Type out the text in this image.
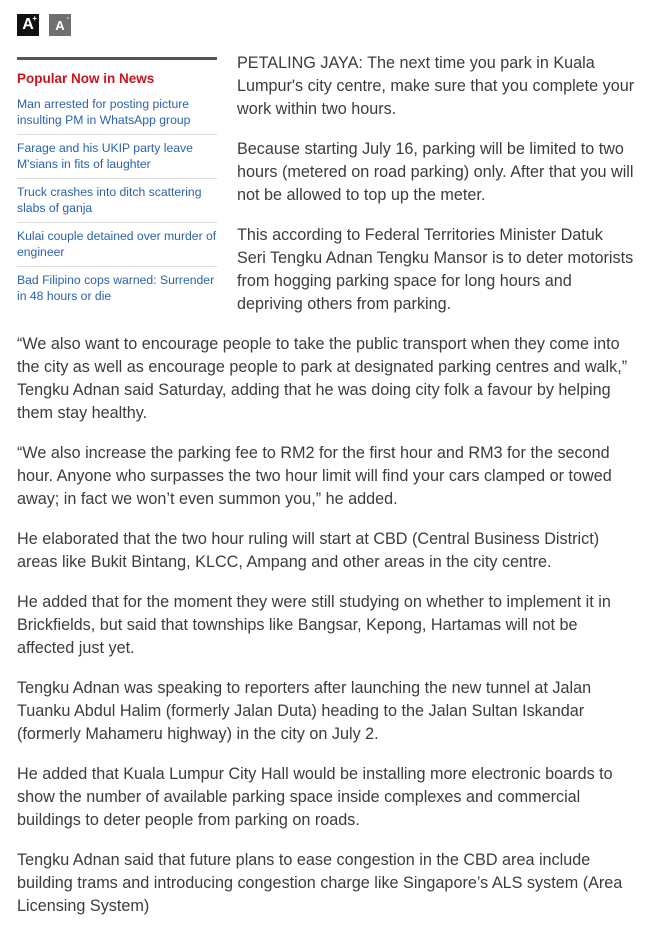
A
+ A -
Popular Now in News
Man arrested for posting picture insulting PM in WhatsApp group
Farage and his UKIP party leave M'sians in fits of laughter
Truck crashes into ditch scattering slabs of ganja
Kulai couple detained over murder of engineer
Bad Filipino cops warned: Surrender in 48 hours or die

PETALING JAYA: The next time you park in Kuala Lumpur's city centre, make sure that you complete your work within two hours.

Because starting July 16, parking will be limited to two hours (metered on road parking) only. After that you will not be allowed to top up the meter.

This according to Federal Territories Minister Datuk Seri Tengku Adnan Tengku Mansor is to deter motorists from hogging parking space for long hours and depriving others from parking.

“We also want to encourage people to take the public transport when they come into the city as well as encourage people to park at designated parking centres and walk,” Tengku Adnan said Saturday, adding that he was doing city folk a favour by helping them stay healthy.

“We also increase the parking fee to RM2 for the first hour and RM3 for the second hour. Anyone who surpasses the two hour limit will find your cars clamped or towed away; in fact we won’t even summon you,” he added.

He elaborated that the two hour ruling will start at CBD (Central Business District) areas like Bukit Bintang, KLCC, Ampang and other areas in the city centre.

He added that for the moment they were still studying on whether to implement it in Brickfields, but said that townships like Bangsar, Kepong, Hartamas will not be affected just yet.

Tengku Adnan was speaking to reporters after launching the new tunnel at Jalan Tuanku Abdul Halim (formerly Jalan Duta) heading to the Jalan Sultan Iskandar (formerly Mahameru highway) in the city on July 2.

He added that Kuala Lumpur City Hall would be installing more electronic boards to show the number of available parking space inside complexes and commercial buildings to deter people from parking on roads.

Tengku Adnan said that future plans to ease congestion in the CBD area include building trams and introducing congestion charge like Singapore’s ALS system (Area Licensing System)
